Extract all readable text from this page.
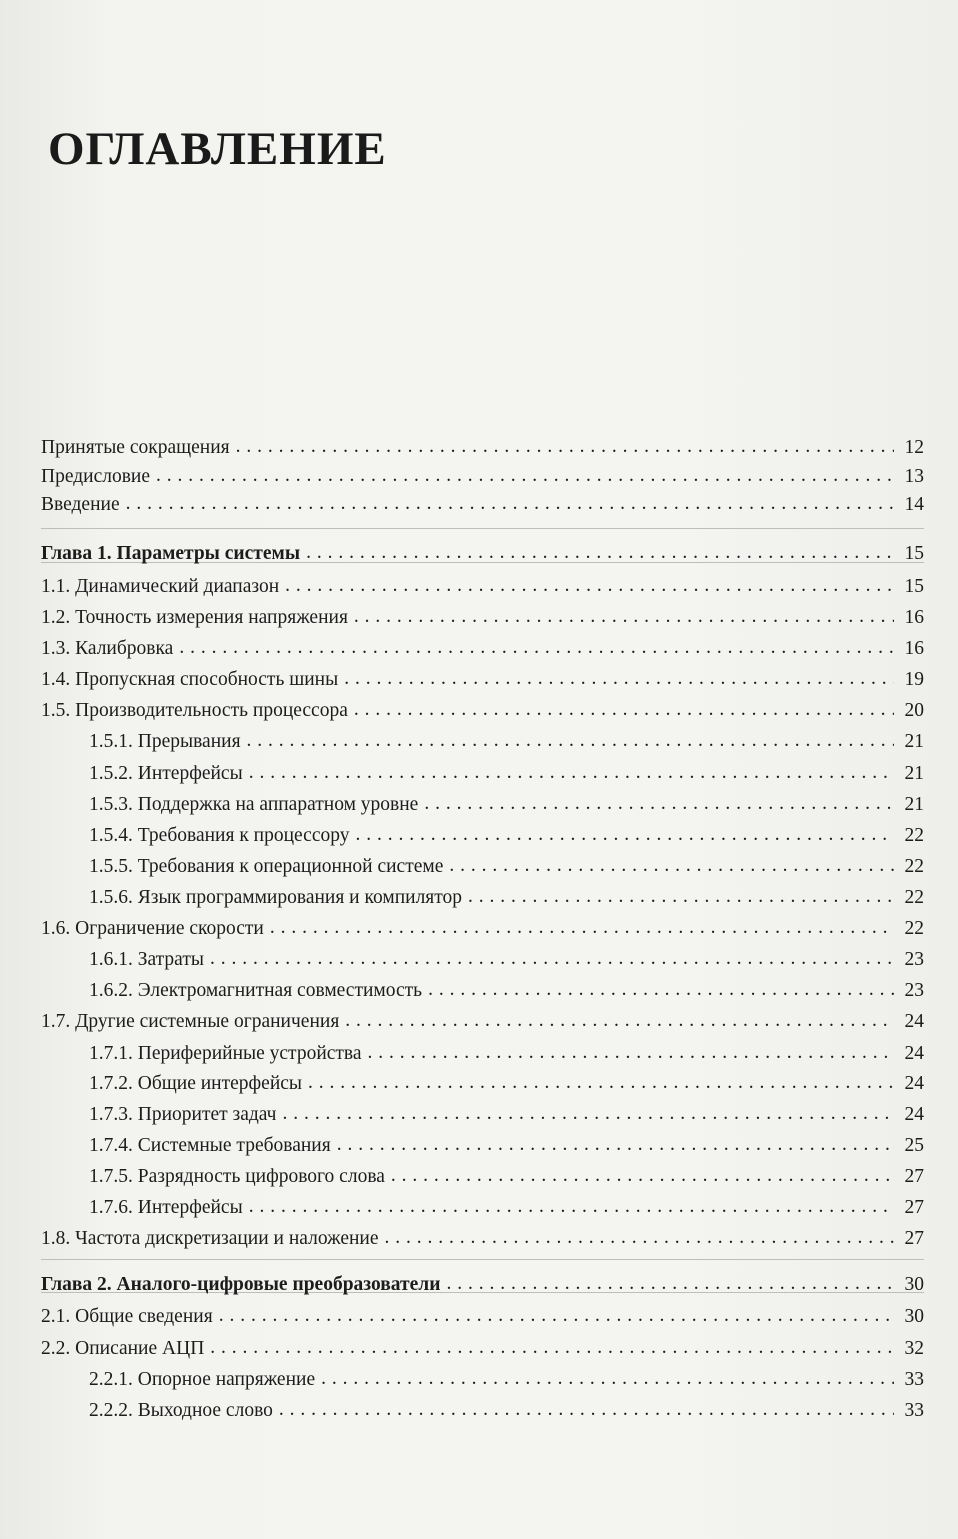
ОГЛАВЛЕНИЕ
Принятые сокращения . . .	12
Предисловие . . .	13
Введение . . .	14
Глава 1. Параметры системы . . .	15
1.1. Динамический диапазон . . .	15
1.2. Точность измерения напряжения . . .	16
1.3. Калибровка . . .	16
1.4. Пропускная способность шины . . .	19
1.5. Производительность процессора . . .	20
1.5.1. Прерывания . . .	21
1.5.2. Интерфейсы . . .	21
1.5.3. Поддержка на аппаратном уровне . . .	21
1.5.4. Требования к процессору . . .	22
1.5.5. Требования к операционной системе . . .	22
1.5.6. Язык программирования и компилятор . . .	22
1.6. Ограничение скорости . . .	22
1.6.1. Затраты . . .	23
1.6.2. Электромагнитная совместимость . . .	23
1.7. Другие системные ограничения . . .	24
1.7.1. Периферийные устройства . . .	24
1.7.2. Общие интерфейсы . . .	24
1.7.3. Приоритет задач . . .	24
1.7.4. Системные требования . . .	25
1.7.5. Разрядность цифрового слова . . .	27
1.7.6. Интерфейсы . . .	27
1.8. Частота дискретизации и наложение . . .	27
Глава 2. Аналого-цифровые преобразователи . . .	30
2.1. Общие сведения . . .	30
2.2. Описание АЦП . . .	32
2.2.1. Опорное напряжение . . .	33
2.2.2. Выходное слово . . .	33
